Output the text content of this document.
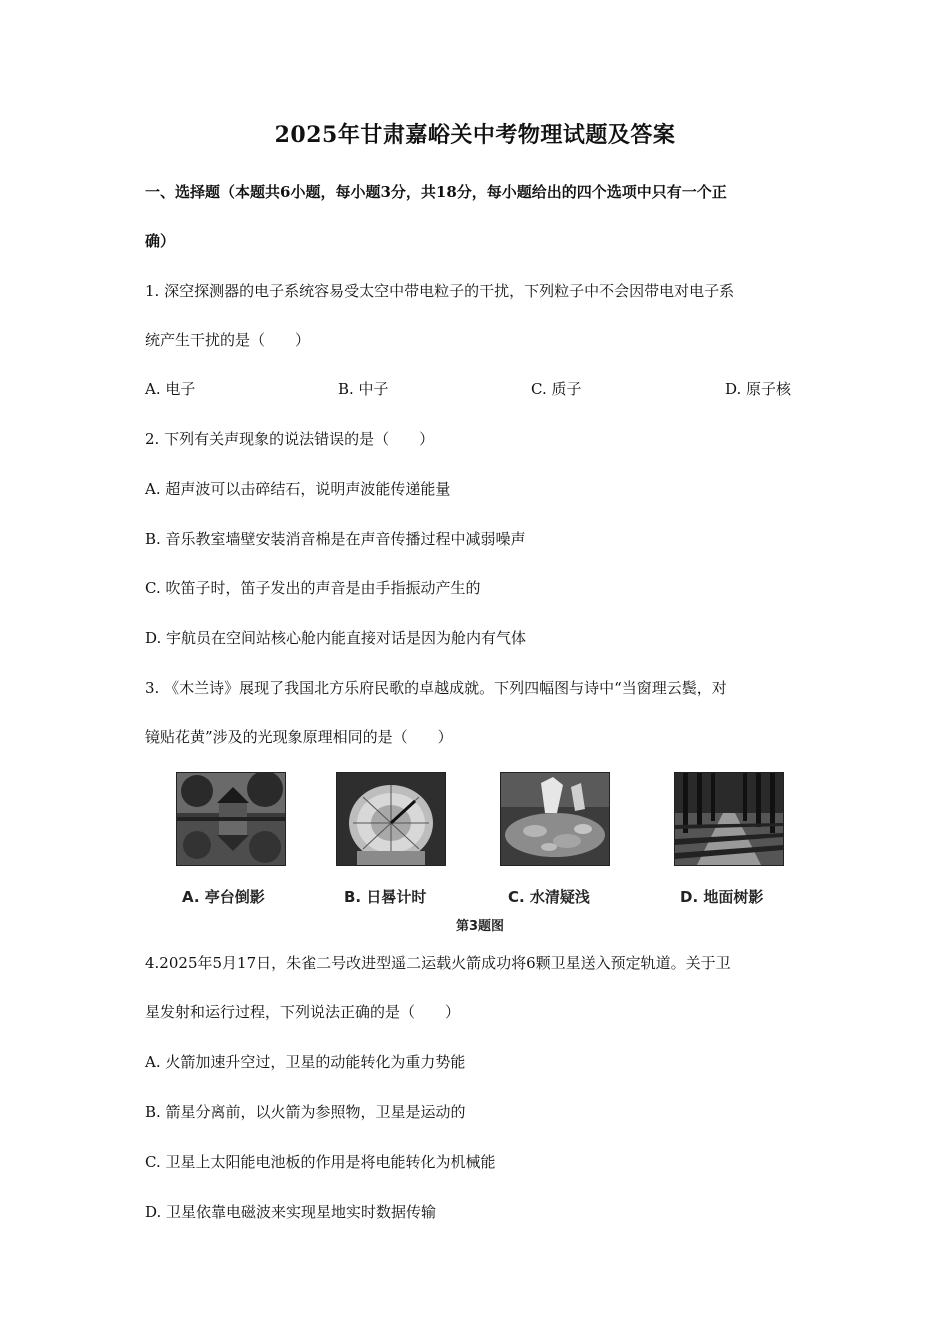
2025年甘肃嘉峪关中考物理试题及答案
一、选择题（本题共6小题，每小题3分，共18分，每小题给出的四个选项中只有一个正
确）
1. 深空探测器的电子系统容易受太空中带电粒子的干扰，下列粒子中不会因带电对电子系
统产生干扰的是（　　）
A. 电子	B. 中子	C. 质子	D. 原子核
2. 下列有关声现象的说法错误的是（　　）
A. 超声波可以击碎结石，说明声波能传递能量
B. 音乐教室墙壁安装消音棉是在声音传播过程中减弱噪声
C. 吹笛子时，笛子发出的声音是由手指振动产生的
D. 宇航员在空间站核心舱内能直接对话是因为舱内有气体
3. 《木兰诗》展现了我国北方乐府民歌的卓越成就。下列四幅图与诗中“当窗理云鬓，对
镜贴花黄”涉及的光现象原理相同的是（　　）
A. 亭台倒影	B. 日晷计时	C. 水清疑浅	D. 地面树影
第3题图
4.2025年5月17日，朱雀二号改进型遥二运载火箭成功将6颗卫星送入预定轨道。关于卫
星发射和运行过程，下列说法正确的是（　　）
A. 火箭加速升空过，卫星的动能转化为重力势能
B. 箭星分离前，以火箭为参照物，卫星是运动的
C. 卫星上太阳能电池板的作用是将电能转化为机械能
D. 卫星依靠电磁波来实现星地实时数据传输
